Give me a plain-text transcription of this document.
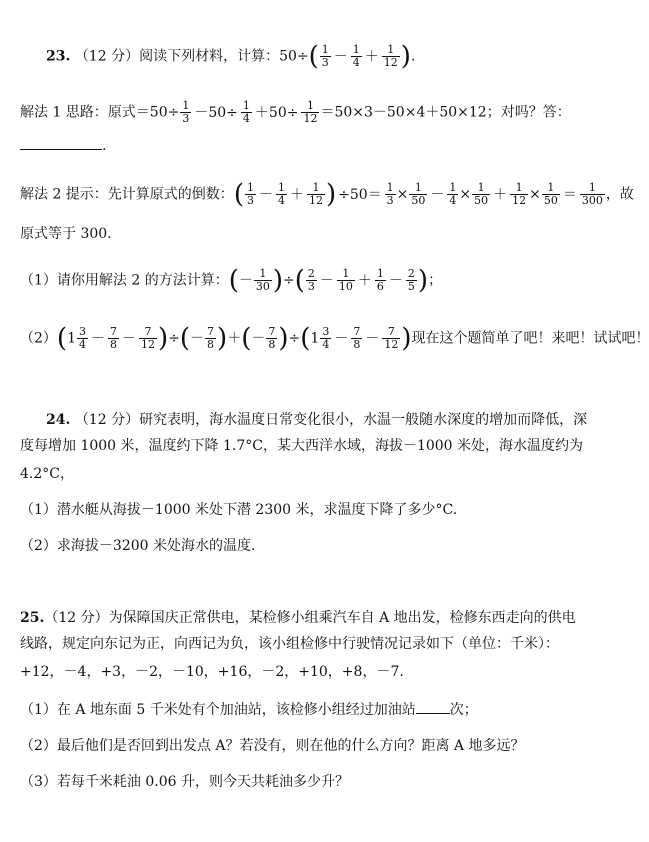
23. （12 分）阅读下列材料，计算：$50\div( \frac{1}{3} - \frac{1}{4} + \frac{1}{12}$ ).
解法 1 思路：原式$=50\div \frac{1}{3} -50\div \frac{1}{4} +50\div \frac{1}{12} =50\times 3-50\times 4+50\times 12$；对吗？答：
.
解法 2 提示：先计算原式的倒数：( $\frac{1}{3} - \frac{1}{4} + \frac{1}{12}$ ) $\div 50= \frac{1}{3} \times \frac{1}{50} - \frac{1}{4} \times \frac{1}{50} + \frac{1}{12} \times \frac{1}{50} = \frac{1}{300}$ ，故
原式等于 300.
（1）请你用解法 2 的方法计算：(－ $\frac{1}{30}$ )÷( $\frac{2}{3} - \frac{1}{10} + \frac{1}{6} - \frac{2}{5}$ )；
$(2)(1 \frac{3}{4} - \frac{7}{8} - \frac{7}{12}$ )÷(－ $\frac{7}{8}$ )＋(－ $\frac{7}{8} )\div(1 \frac{3}{4} - \frac{7}{8} - \frac{7}{12}$ )现在这个题简单了吧！来吧！试试吧！
24. （12 分）研究表明，海水温度日常变化很小，水温一般随水深度的增加而降低，深
度每增加 1000 米，温度约下降 1.7°C，某大西洋水域，海拔－1000 米处，海水温度约为
4.2°C，
（1）潜水艇从海拔－1000 米处下潜 2300 米，求温度下降了多少°C.
（2）求海拔－3200 米处海水的温度.
25.（12 分）为保障国庆正常供电，某检修小组乘汽车自 A 地出发，检修东西走向的供电
线路，规定向东记为正，向西记为负，该小组检修中行驶情况记录如下（单位：千米）：
+12，－4，+3，－2，－10，+16，－2，+10，+8，－7.
（1）在 A 地东面 5 千米处有个加油站，该检修小组经过加油站 次；
（2）最后他们是否回到出发点 A？若没有，则在他的什么方向？距离 A 地多远？
（3）若每千米耗油 0.06 升，则今天共耗油多少升？
